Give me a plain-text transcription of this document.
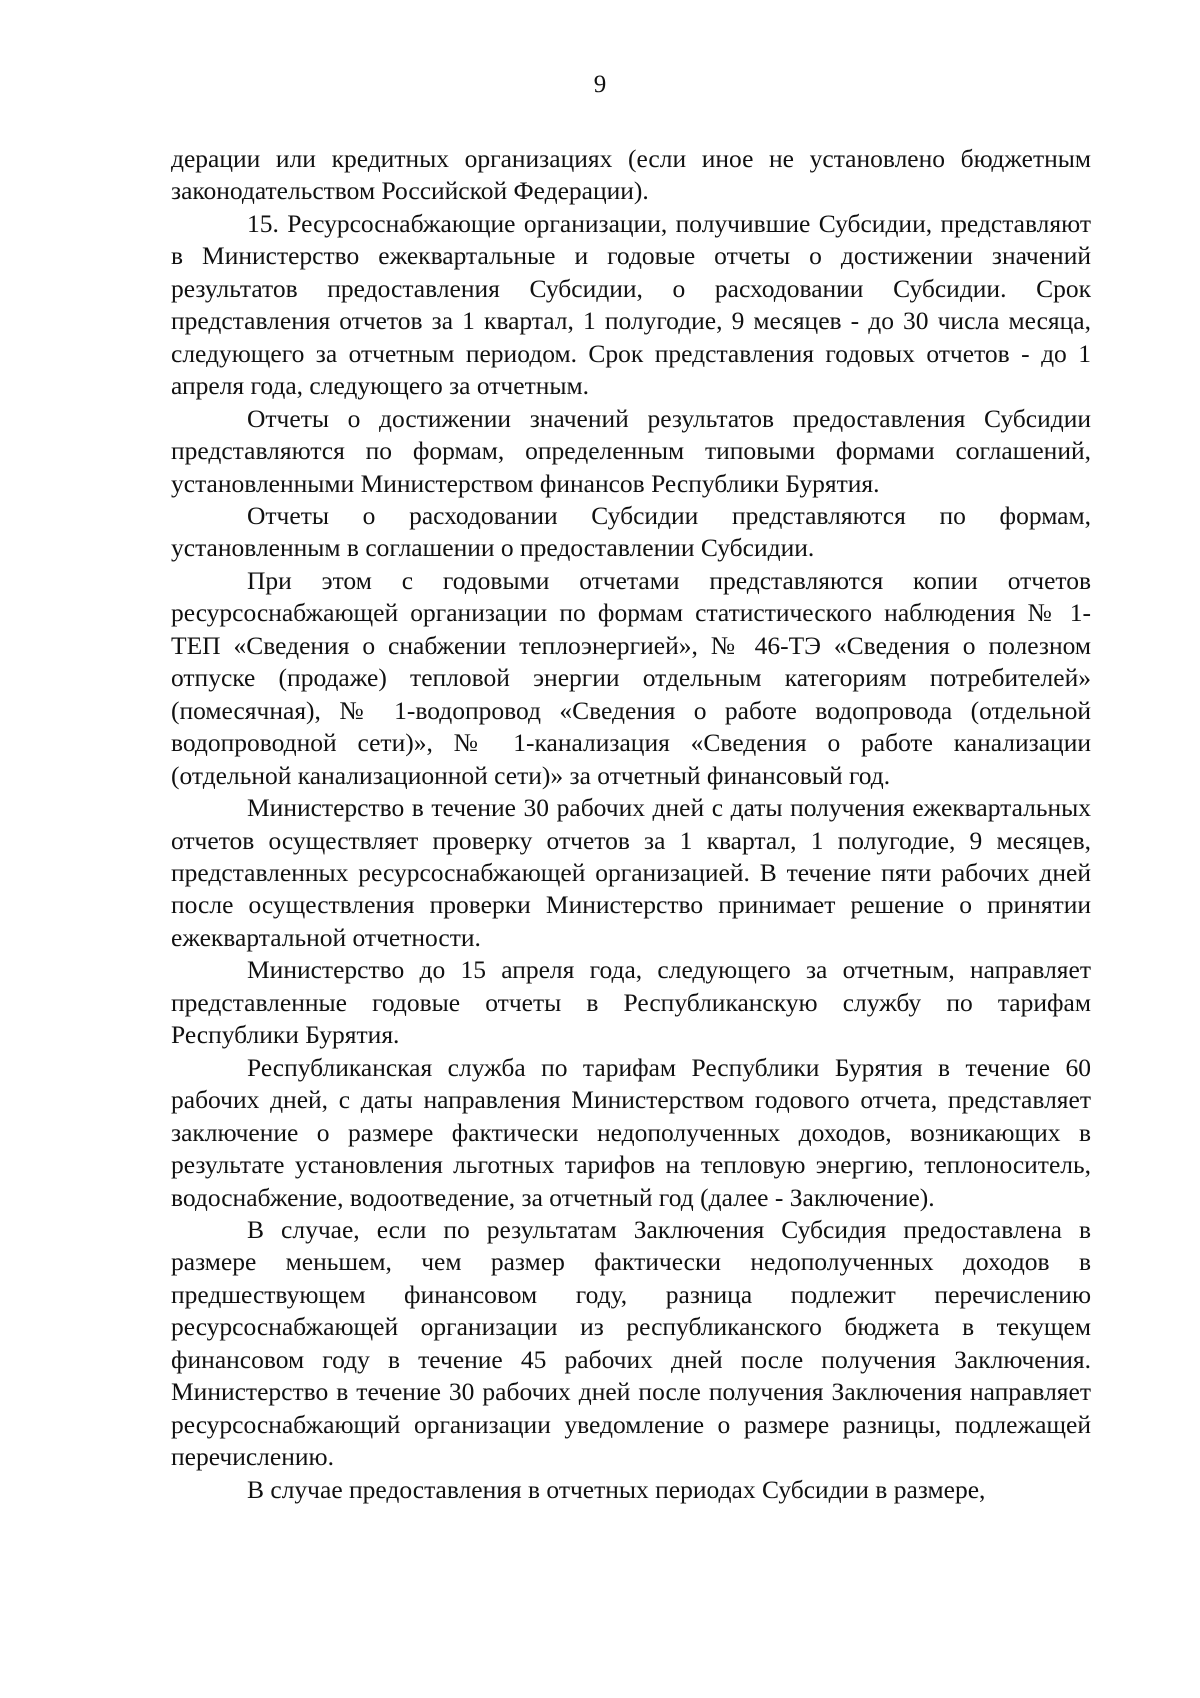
9

дерации или кредитных организациях (если иное не установлено бюджетным законодательством Российской Федерации).

15. Ресурсоснабжающие организации, получившие Субсидии, представляют в Министерство ежеквартальные и годовые отчеты о достижении значений результатов предоставления Субсидии, о расходовании Субсидии. Срок представления отчетов за 1 квартал, 1 полугодие, 9 месяцев - до 30 числа месяца, следующего за отчетным периодом. Срок представления годовых отчетов - до 1 апреля года, следующего за отчетным.

Отчеты о достижении значений результатов предоставления Субсидии представляются по формам, определенным типовыми формами соглашений, установленными Министерством финансов Республики Бурятия.

Отчеты о расходовании Субсидии представляются по формам, установленным в соглашении о предоставлении Субсидии.

При этом с годовыми отчетами представляются копии отчетов ресурсоснабжающей организации по формам статистического наблюдения № 1-ТЕП «Сведения о снабжении теплоэнергией», № 46-ТЭ «Сведения о полезном отпуске (продаже) тепловой энергии отдельным категориям потребителей» (помесячная), № 1-водопровод «Сведения о работе водопровода (отдельной водопроводной сети)», № 1-канализация «Сведения о работе канализации (отдельной канализационной сети)» за отчетный финансовый год.

Министерство в течение 30 рабочих дней с даты получения ежеквартальных отчетов осуществляет проверку отчетов за 1 квартал, 1 полугодие, 9 месяцев, представленных ресурсоснабжающей организацией. В течение пяти рабочих дней после осуществления проверки Министерство принимает решение о принятии ежеквартальной отчетности.

Министерство до 15 апреля года, следующего за отчетным, направляет представленные годовые отчеты в Республиканскую службу по тарифам Республики Бурятия.

Республиканская служба по тарифам Республики Бурятия в течение 60 рабочих дней, с даты направления Министерством годового отчета, представляет заключение о размере фактически недополученных доходов, возникающих в результате установления льготных тарифов на тепловую энергию, теплоноситель, водоснабжение, водоотведение, за отчетный год (далее - Заключение).

В случае, если по результатам Заключения Субсидия предоставлена в размере меньшем, чем размер фактически недополученных доходов в предшествующем финансовом году, разница подлежит перечислению ресурсоснабжающей организации из республиканского бюджета в текущем финансовом году в течение 45 рабочих дней после получения Заключения. Министерство в течение 30 рабочих дней после получения Заключения направляет ресурсоснабжающий организации уведомление о размере разницы, подлежащей перечислению.

В случае предоставления в отчетных периодах Субсидии в размере,
